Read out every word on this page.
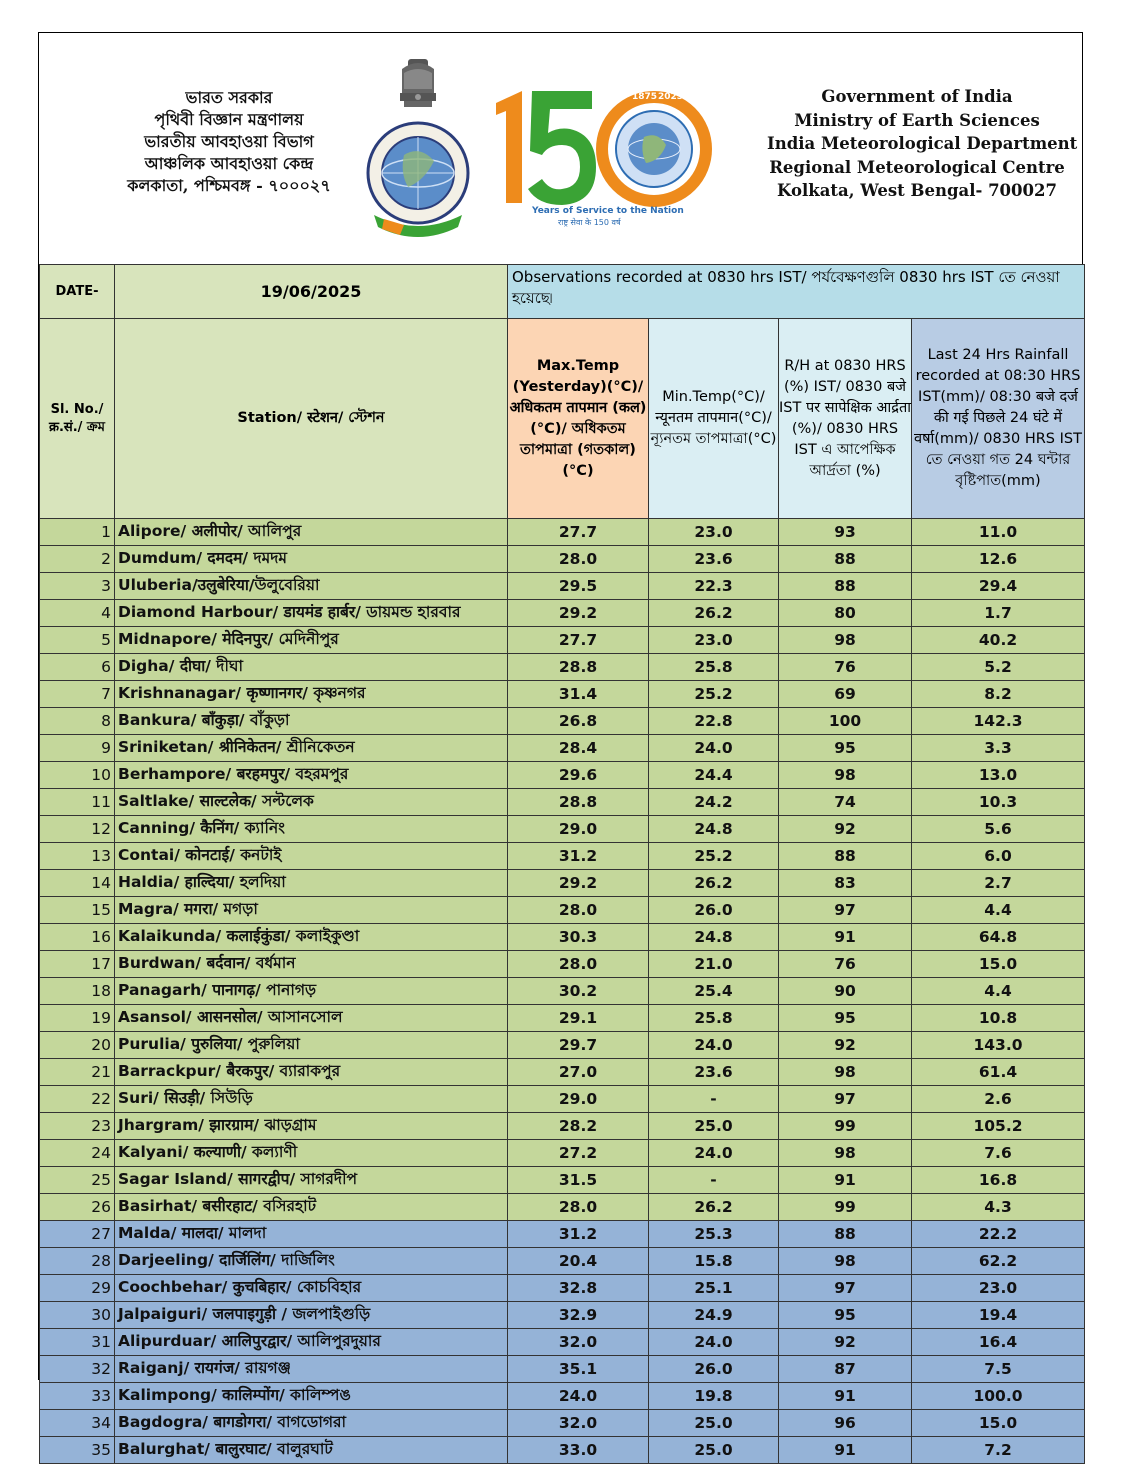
ভারত সরকার
পৃথিবী বিজ্ঞান মন্ত্রণালয়
ভারতীয় আবহাওয়া বিভাগ
আঞ্চলিক আবহাওয়া কেন্দ্র
কলকাতা, পশ্চিমবঙ্গ - ৭০০০২৭
1875 2025
Years of Service to the Nation
राष्ट्र सेवा के 150 वर्ष
Government of India
Ministry of Earth Sciences
India Meteorological Department
Regional Meteorological Centre
Kolkata, West Bengal- 700027
DATE-	19/06/2025	Observations recorded at 0830 hrs IST/ পর্যবেক্ষণগুলি 0830 hrs IST তে নেওয়া হয়েছে৷			
Sl. No./ क्र.सं./ ক্রম	Station/ स्टेशन/ স্টেশন	Max.Temp (Yesterday)(°C)/ अधिकतम तापमान (कल)(°C)/ অধিকতম তাপমাত্রা (গতকাল)(°C)	Min.Temp(°C)/ न्यूनतम तापमान(°C)/ ন্যূনতম তাপমাত্রা(°C)	R/H at 0830 HRS (%) IST/ 0830 बजे IST पर सापेक्षिक आर्द्रता (%)/ 0830 HRS IST এ আপেক্ষিক আর্দ্রতা (%)	Last 24 Hrs Rainfall recorded at 08:30 HRS IST(mm)/ 08:30 बजे दर्ज की गई पिछले 24 घंटे में वर्षा(mm)/ 0830 HRS IST তে নেওয়া গত 24 ঘন্টার বৃষ্টিপাত(mm)
1	Alipore/ अलीपोर/ আলিপুর	27.7	23.0	93	11.0
2	Dumdum/ दमदम/ দমদম	28.0	23.6	88	12.6
3	Uluberia/उलुबेरिया/উলুবেরিয়া	29.5	22.3	88	29.4
4	Diamond Harbour/ डायमंड हार्बर/ ডায়মন্ড হারবার	29.2	26.2	80	1.7
5	Midnapore/ मेदिनपुर/ মেদিনীপুর	27.7	23.0	98	40.2
6	Digha/ दीघा/ দীঘা	28.8	25.8	76	5.2
7	Krishnanagar/ कृष्णानगर/ কৃষ্ণনগর	31.4	25.2	69	8.2
8	Bankura/ बाँकुड़ा/ বাঁকুড়া	26.8	22.8	100	142.3
9	Sriniketan/ श्रीनिकेतन/ শ্রীনিকেতন	28.4	24.0	95	3.3
10	Berhampore/ बरहमपुर/ বহরমপুর	29.6	24.4	98	13.0
11	Saltlake/ साल्टलेक/ সল্টলেক	28.8	24.2	74	10.3
12	Canning/ कैनिंग/ ক্যানিং	29.0	24.8	92	5.6
13	Contai/ कोनटाई/ কনটাই	31.2	25.2	88	6.0
14	Haldia/ हाल्दिया/ হলদিয়া	29.2	26.2	83	2.7
15	Magra/ मगरा/ মগড়া	28.0	26.0	97	4.4
16	Kalaikunda/ कलाईकुंडा/ কলাইকুণ্ডা	30.3	24.8	91	64.8
17	Burdwan/ बर्दवान/ বর্ধমান	28.0	21.0	76	15.0
18	Panagarh/ पानागढ़/ পানাগড়	30.2	25.4	90	4.4
19	Asansol/ आसनसोल/ আসানসোল	29.1	25.8	95	10.8
20	Purulia/ पुरुलिया/ পুরুলিয়া	29.7	24.0	92	143.0
21	Barrackpur/ बैरकपुर/ ব্যারাকপুর	27.0	23.6	98	61.4
22	Suri/ सिउड़ी/ সিউড়ি	29.0	-	97	2.6
23	Jhargram/ झारग्राम/ ঝাড়গ্রাম	28.2	25.0	99	105.2
24	Kalyani/ कल्याणी/ কল্যাণী	27.2	24.0	98	7.6
25	Sagar Island/ सागरद्वीप/ সাগরদীপ	31.5	-	91	16.8
26	Basirhat/ बसीरहाट/ বসিরহাট	28.0	26.2	99	4.3
27	Malda/ मालदा/ মালদা	31.2	25.3	88	22.2
28	Darjeeling/ दार्जिलिंग/ দার্জিলিং	20.4	15.8	98	62.2
29	Coochbehar/ कुचबिहार/ কোচবিহার	32.8	25.1	97	23.0
30	Jalpaiguri/ जलपाइगुड़ी / জলপাইগুড়ি	32.9	24.9	95	19.4
31	Alipurduar/ आलिपुरद्वार/ আলিপুরদুয়ার	32.0	24.0	92	16.4
32	Raiganj/ रायगंज/ রায়গঞ্জ	35.1	26.0	87	7.5
33	Kalimpong/ कालिम्पोंग/ কালিম্পঙ	24.0	19.8	91	100.0
34	Bagdogra/ बागडोगरा/ বাগডোগরা	32.0	25.0	96	15.0
35	Balurghat/ बालुरघाट/ বালুরঘাট	33.0	25.0	91	7.2
